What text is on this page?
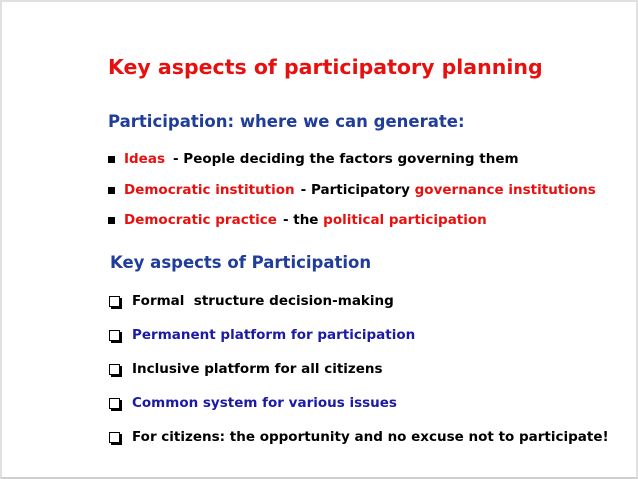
Key aspects of participatory planning
Participation: where we can generate:
Ideas - People deciding the factors governing them
Democratic institution - Participatory governance institutions
Democratic practice - the political participation
Key aspects of Participation
Formal  structure decision-making
Permanent platform for participation
Inclusive platform for all citizens
Common system for various issues
For citizens: the opportunity and no excuse not to participate!
